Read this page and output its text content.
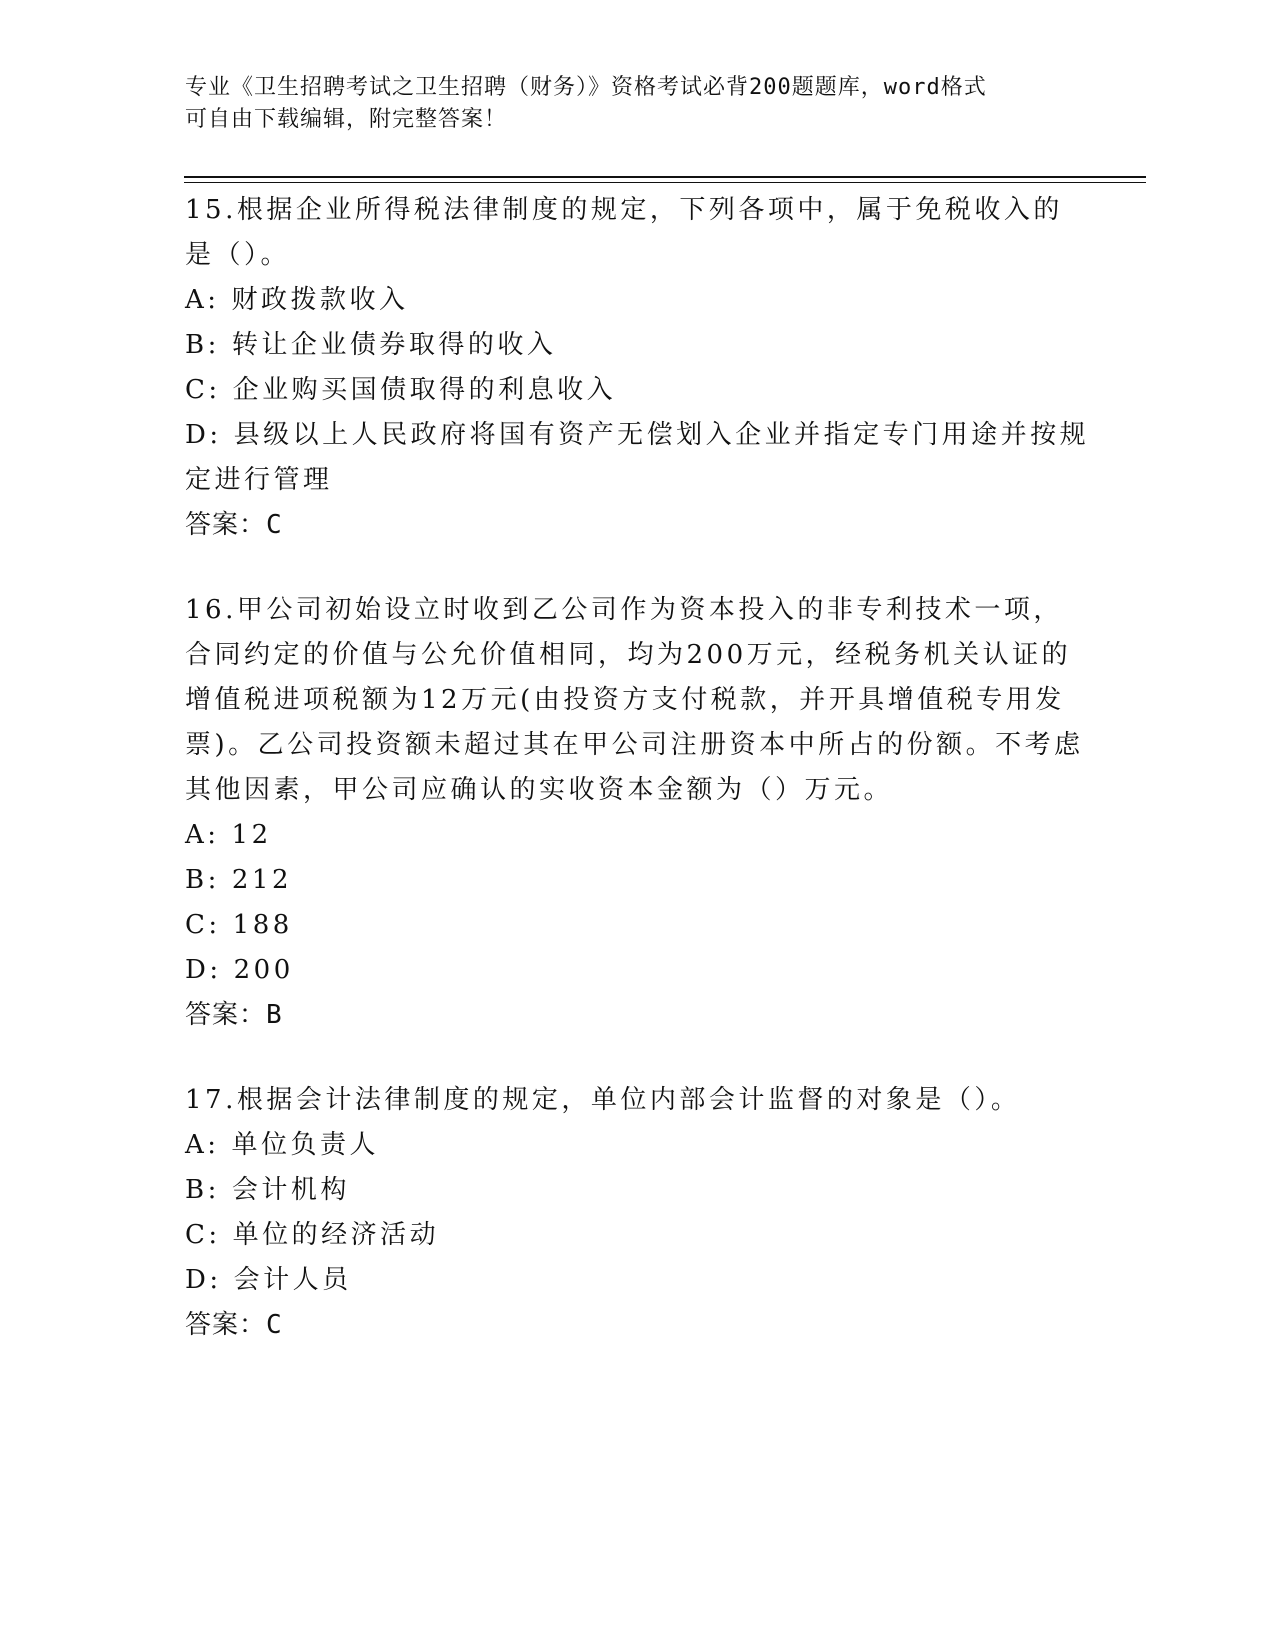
专业《卫生招聘考试之卫生招聘（财务）》资格考试必背200题题库，word格式
可自由下载编辑，附完整答案！

15.根据企业所得税法律制度的规定，下列各项中，属于免税收入的是（）。

A: 财政拨款收入

B: 转让企业债券取得的收入

C: 企业购买国债取得的利息收入

D: 县级以上人民政府将国有资产无偿划入企业并指定专门用途并按规定进行管理

答案：C

16.甲公司初始设立时收到乙公司作为资本投入的非专利技术一项，合同约定的价值与公允价值相同，均为200万元，经税务机关认证的增值税进项税额为12万元(由投资方支付税款，并开具增值税专用发票)。乙公司投资额未超过其在甲公司注册资本中所占的份额。不考虑其他因素，甲公司应确认的实收资本金额为（）万元。

A: 12

B: 212

C: 188

D: 200

答案：B

17.根据会计法律制度的规定，单位内部会计监督的对象是（）。

A: 单位负责人

B: 会计机构

C: 单位的经济活动

D: 会计人员

答案：C
